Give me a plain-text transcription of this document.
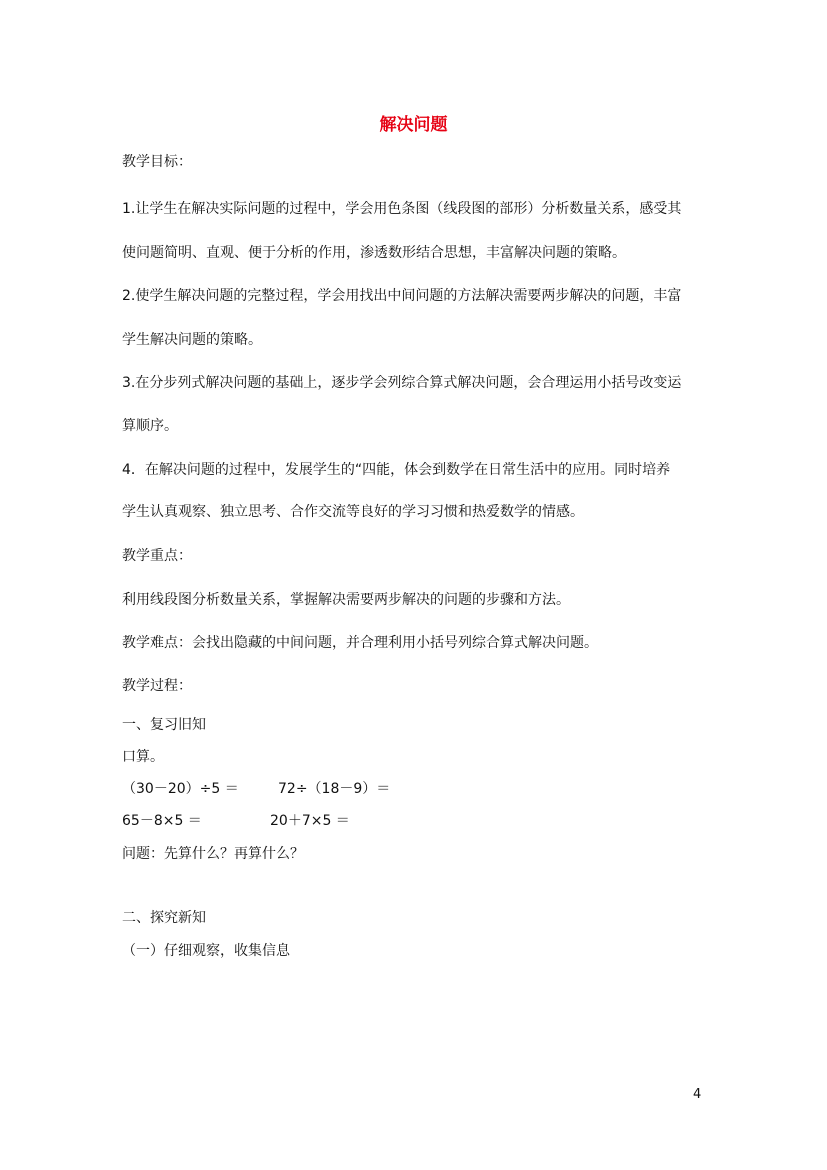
解决问题
教学目标：
1.让学生在解决实际问题的过程中，学会用色条图（线段图的部形）分析数量关系，感受其
使问题简明、直观、便于分析的作用，渗透数形结合思想，丰富解决问题的策略。
2.使学生解决问题的完整过程，学会用找出中间问题的方法解决需要两步解决的问题，丰富
学生解决问题的策略。
3.在分步列式解决问题的基础上，逐步学会列综合算式解决问题，会合理运用小括号改变运
算顺序。
4．在解决问题的过程中，发展学生的“四能，体会到数学在日常生活中的应用。同时培养
学生认真观察、独立思考、合作交流等良好的学习习惯和热爱数学的情感。
教学重点：
利用线段图分析数量关系，掌握解决需要两步解决的问题的步骤和方法。
教学难点：会找出隐藏的中间问题，并合理利用小括号列综合算式解决问题。
教学过程：
一、复习旧知
口算。
（30－20）÷5 ＝	72÷（18－9）＝
65－8×5 ＝	20＋7×5 ＝
问题：先算什么？再算什么？
二、探究新知
（一）仔细观察，收集信息
4
